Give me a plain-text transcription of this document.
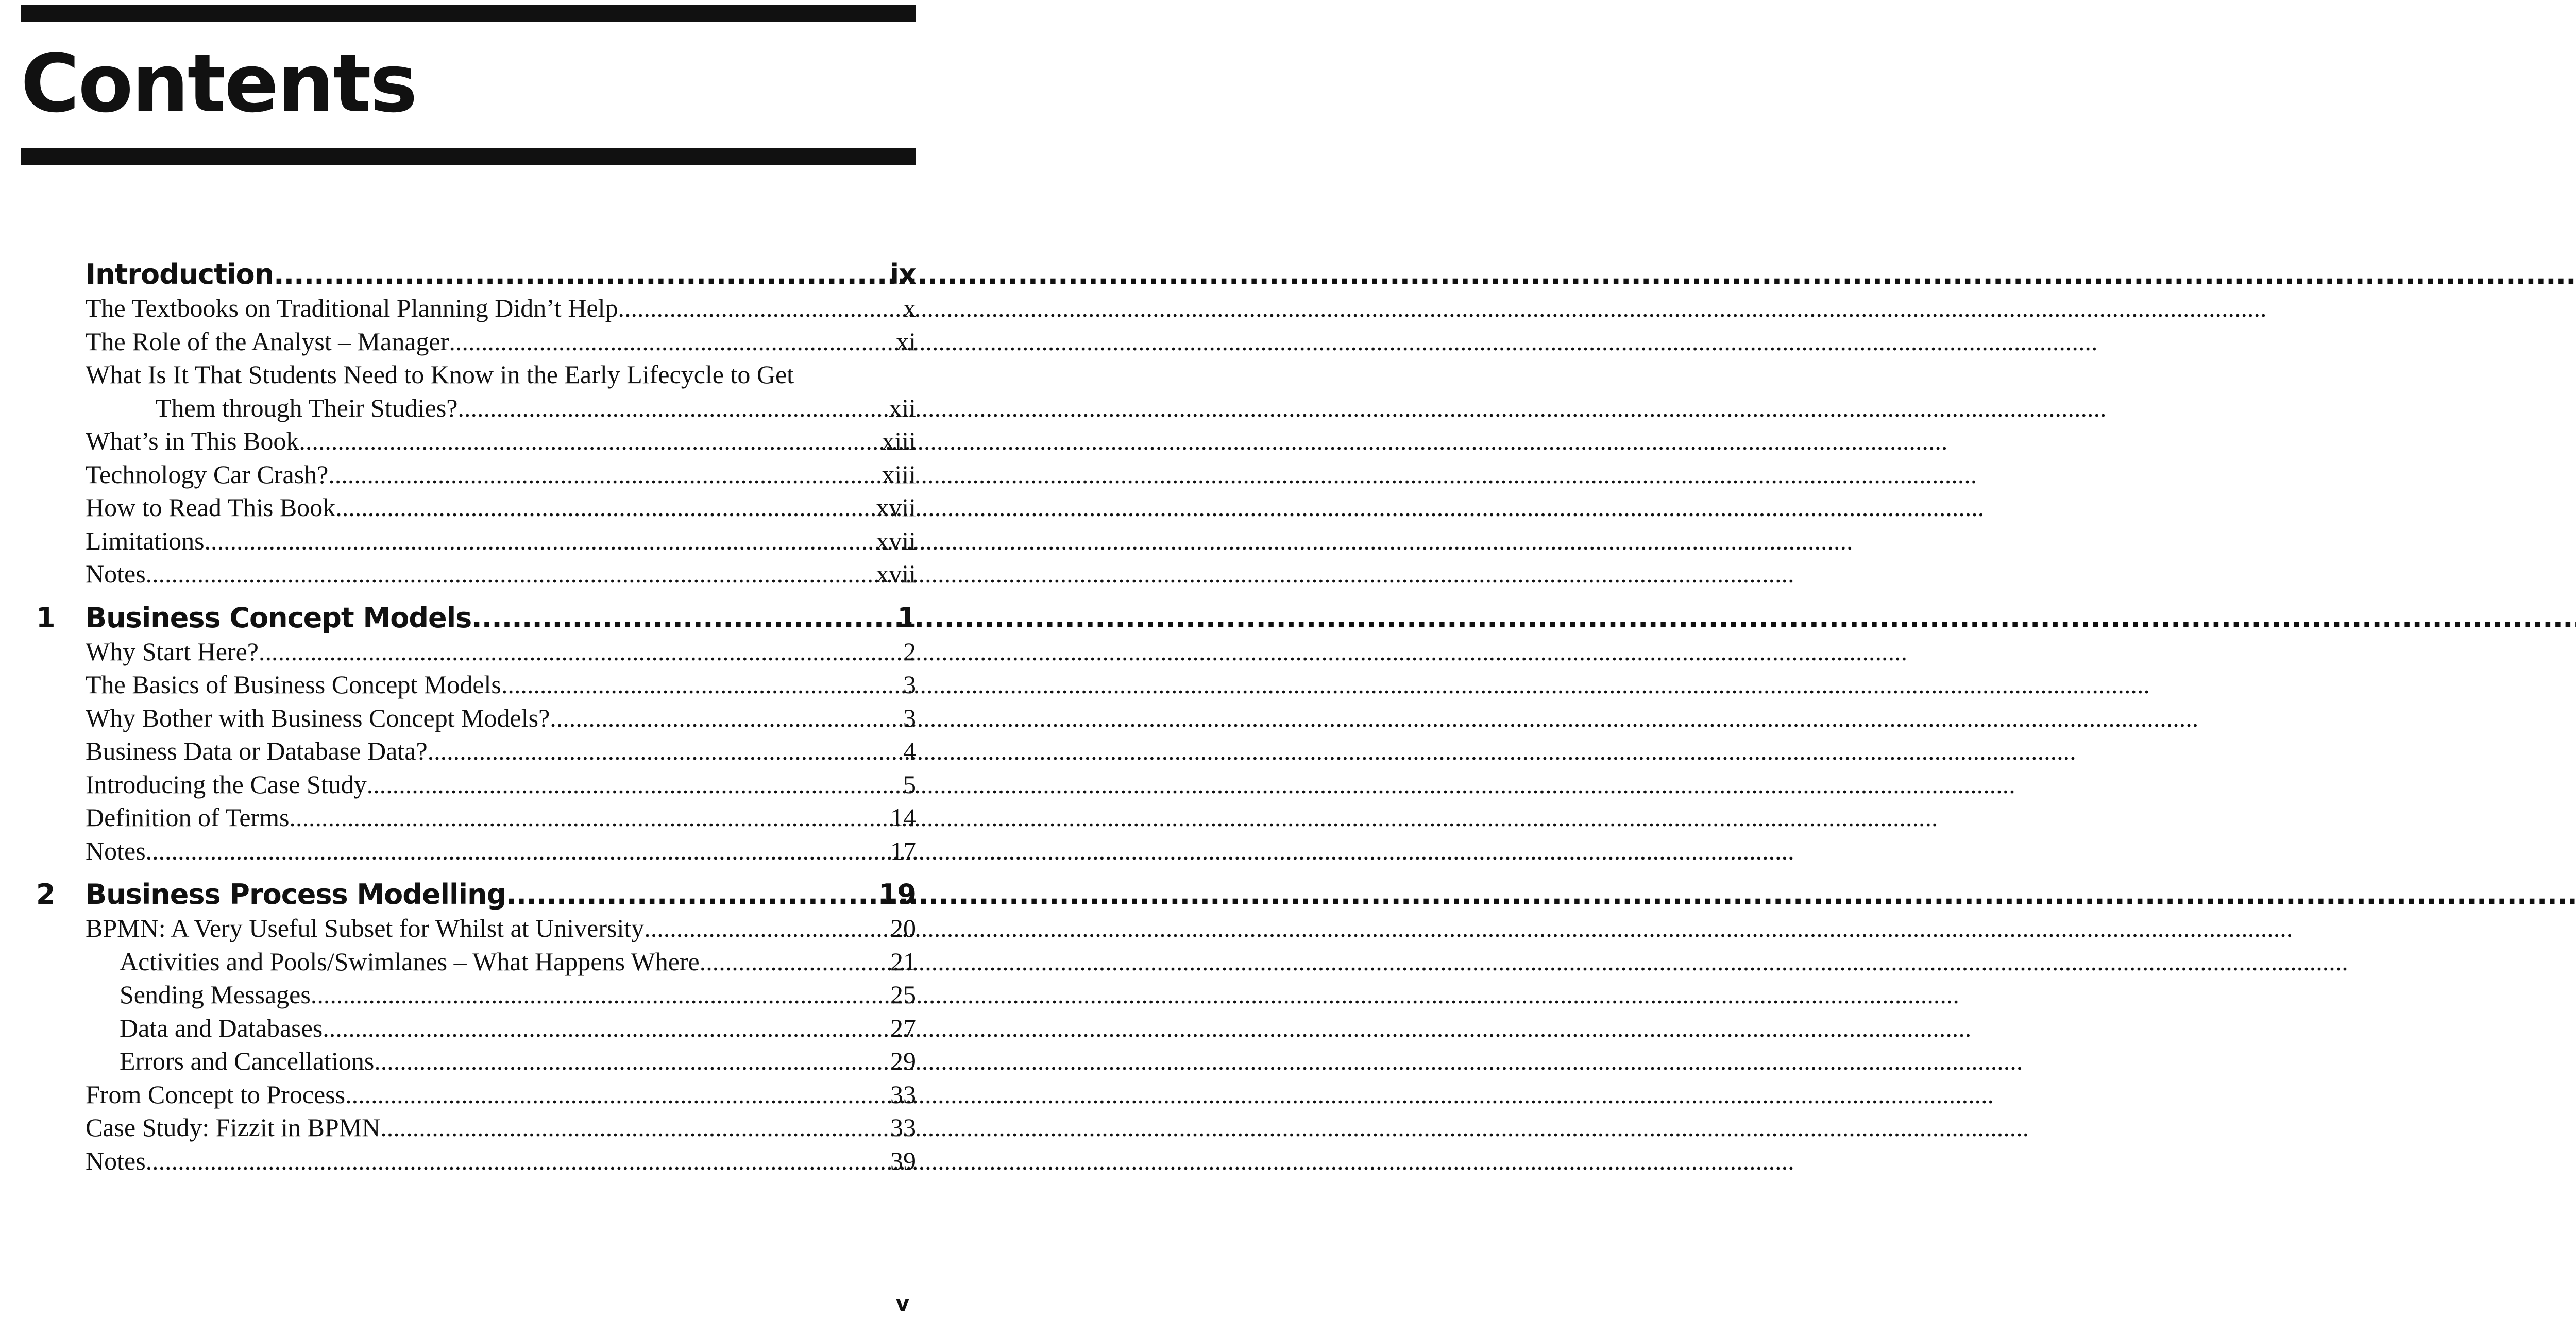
Contents
Introduction .....	ix
The Textbooks on Traditional Planning Didn’t Help .....	x
The Role of the Analyst – Manager .....	xi
What Is It That Students Need to Know in the Early Lifecycle to Get
Them through Their Studies? .....	xii
What’s in This Book .....	xiii
Technology Car Crash? .....	xiii
How to Read This Book .....	xvii
Limitations .....	xvii
Notes .....	xvii
1 Business Concept Models .....	1
Why Start Here? .....	2
The Basics of Business Concept Models .....	3
Why Bother with Business Concept Models? .....	3
Business Data or Database Data? .....	4
Introducing the Case Study .....	5
Definition of Terms .....	14
Notes .....	17
2 Business Process Modelling .....	19
BPMN: A Very Useful Subset for Whilst at University .....	20
Activities and Pools/Swimlanes – What Happens Where .....	21
Sending Messages .....	25
Data and Databases .....	27
Errors and Cancellations .....	29
From Concept to Process .....	33
Case Study: Fizzit in BPMN .....	33
Notes .....	39
v
